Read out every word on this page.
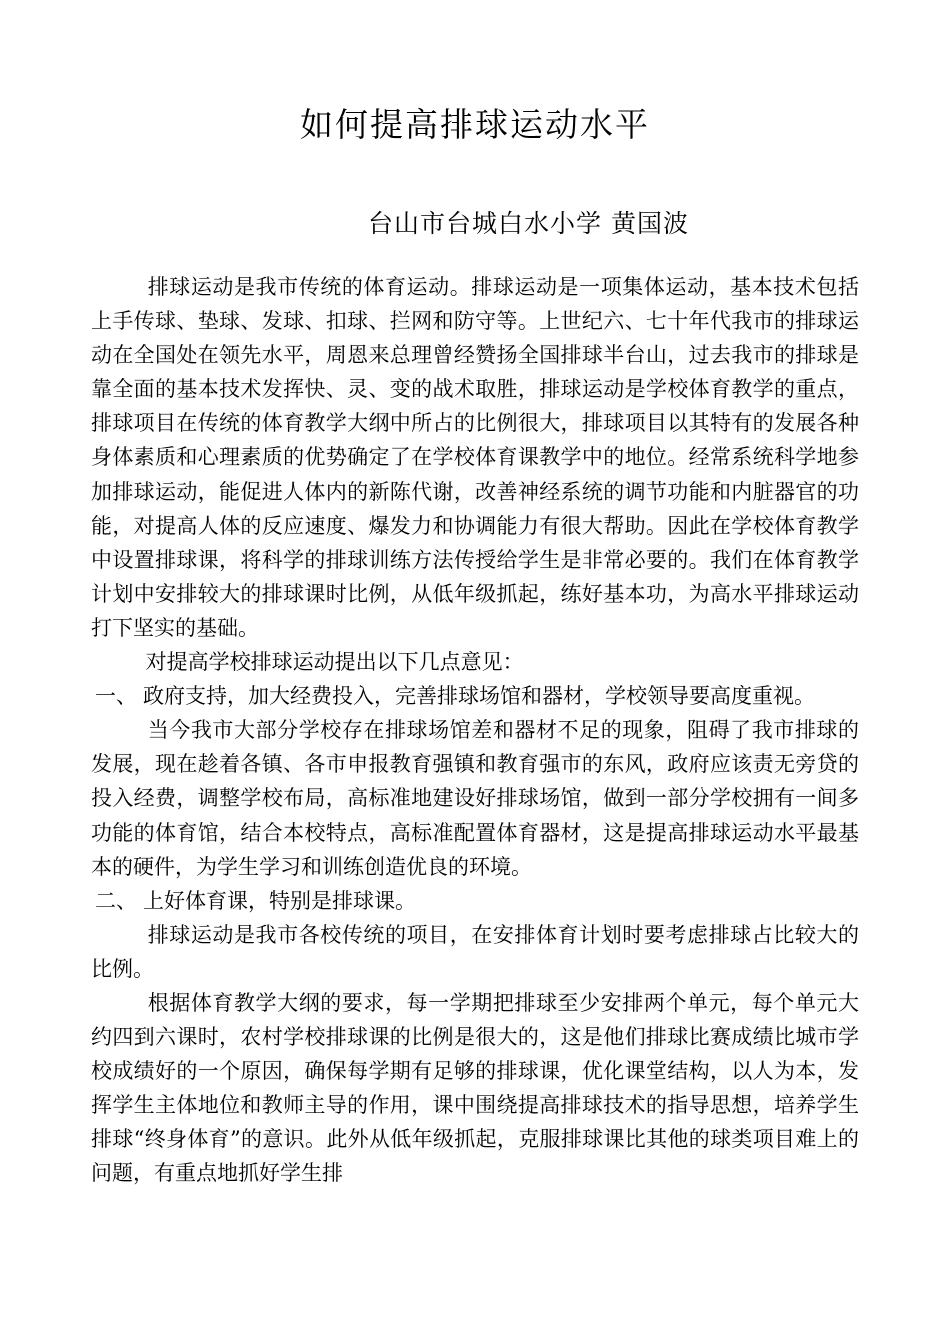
如何提高排球运动水平
台山市台城白水小学 黄国波

排球运动是我市传统的体育运动。排球运动是一项集体运动，基本技术包括上手传球、垫球、发球、扣球、拦网和防守等。上世纪六、七十年代我市的排球运动在全国处在领先水平，周恩来总理曾经赞扬全国排球半台山，过去我市的排球是靠全面的基本技术发挥快、灵、变的战术取胜，排球运动是学校体育教学的重点，排球项目在传统的体育教学大纲中所占的比例很大，排球项目以其特有的发展各种身体素质和心理素质的优势确定了在学校体育课教学中的地位。经常系统科学地参加排球运动，能促进人体内的新陈代谢，改善神经系统的调节功能和内脏器官的功能，对提高人体的反应速度、爆发力和协调能力有很大帮助。因此在学校体育教学中设置排球课，将科学的排球训练方法传授给学生是非常必要的。我们在体育教学计划中安排较大的排球课时比例，从低年级抓起，练好基本功，为高水平排球运动打下坚实的基础。

对提高学校排球运动提出以下几点意见：

一、 政府支持，加大经费投入，完善排球场馆和器材，学校领导要高度重视。

当今我市大部分学校存在排球场馆差和器材不足的现象，阻碍了我市排球的发展，现在趁着各镇、各市申报教育强镇和教育强市的东风，政府应该责无旁贷的投入经费，调整学校布局，高标准地建设好排球场馆，做到一部分学校拥有一间多功能的体育馆，结合本校特点，高标准配置体育器材，这是提高排球运动水平最基本的硬件，为学生学习和训练创造优良的环境。

二、 上好体育课，特别是排球课。

排球运动是我市各校传统的项目，在安排体育计划时要考虑排球占比较大的比例。

根据体育教学大纲的要求，每一学期把排球至少安排两个单元，每个单元大约四到六课时，农村学校排球课的比例是很大的，这是他们排球比赛成绩比城市学校成绩好的一个原因，确保每学期有足够的排球课，优化课堂结构，以人为本，发挥学生主体地位和教师主导的作用，课中围绕提高排球技术的指导思想，培养学生排球“终身体育”的意识。此外从低年级抓起，克服排球课比其他的球类项目难上的问题，有重点地抓好学生排
